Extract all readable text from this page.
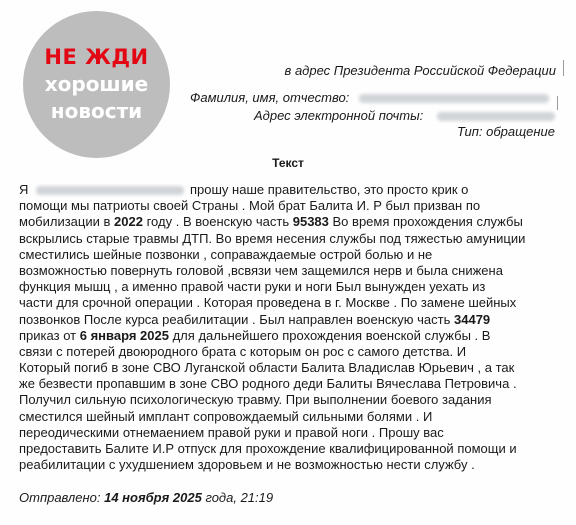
НЕ ЖДИ
хорошие
новости
в адрес Президента Российской Федерации
Фамилия, имя, отчество:
Адрес электронной почты:
Тип: обращение
Текст
Я	прошу наше правительство, это просто крик о
помощи мы патриоты своей Страны . Мой брат Балита И. Р был призван по
мобилизации в 2022 году . В военскую часть 95383 Во время прохождения службы
вскрылись старые травмы ДТП. Во время несения службы под тяжестью амуниции
сместились шейные позвонки , соправаждаемые острой болью и не
возможностью повернуть головой ,всвязи чем защемился нерв и была снижена
функция мышц , а именно правой части руки и ноги Был вынужден уехать из
части для срочной операции . Которая проведена в г. Москве . По замене шейных
позвонков После курса реабилитации . Был направлен военскую часть 34479
приказ от 6 января 2025 для дальнейшего прохождения военской службы . В
связи с потерей двоюродного брата с которым он рос с самого детства. И
Который погиб в зоне СВО Луганской области Балита Владислав Юрьевич , а так
же безвести пропавшим в зоне СВО родного деди Балиты Вячеслава Петровича .
Получил сильную психологическую травму. При выполнении боевого задания
сместился шейный имплант сопровождаемый сильными болями . И
переодическими отнемаением правой руки и правой ноги . Прошу вас
предоставить Балите И.Р отпуск для прохождение квалифицированной помощи и
реабилитации с ухудшением здоровьем и не возможностью нести службу .
Отправлено: 14 ноября 2025 года, 21:19
